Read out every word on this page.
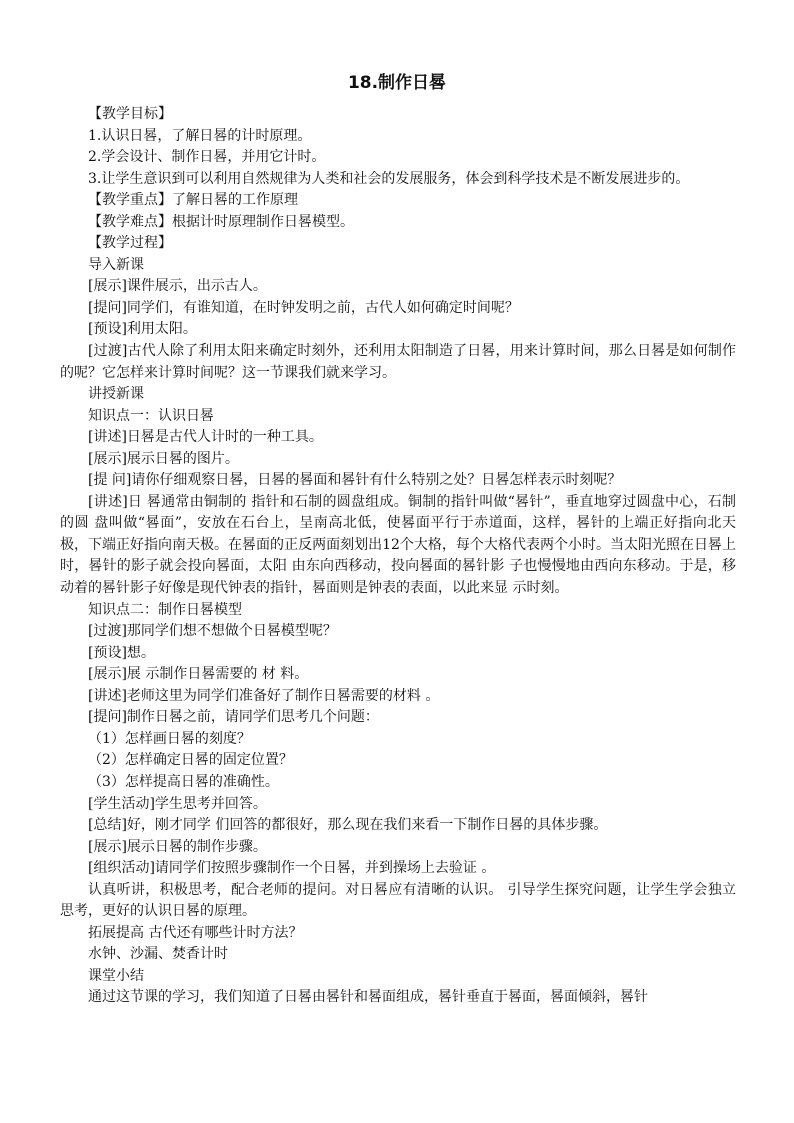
18.制作日晷

【教学目标】

1.认识日晷，了解日晷的计时原理。

2.学会设计、制作日晷，并用它计时。

3.让学生意识到可以利用自然规律为人类和社会的发展服务，体会到科学技术是不断发展进步的。

【教学重点】了解日晷的工作原理

【教学难点】根据计时原理制作日晷模型。

【教学过程】

导入新课

[展示]课件展示，出示古人。

[提问]同学们，有谁知道，在时钟发明之前，古代人如何确定时间呢？

[预设]利用太阳。

[过渡]古代人除了利用太阳来确定时刻外，还利用太阳制造了日晷，用来计算时间，那么日晷是如何制作的呢？它怎样来计算时间呢？这一节课我们就来学习。

讲授新课

知识点一：认识日晷

[讲述]日晷是古代人计时的一种工具。

[展示]展示日晷的图片。

[提 问]请你仔细观察日晷，日晷的晷面和晷针有什么特别之处？日晷怎样表示时刻呢？

[讲述]日 晷通常由铜制的 指针和石制的圆盘组成。铜制的指针叫做“晷针”，垂直地穿过圆盘中心，石制的圆 盘叫做“晷面”，安放在石台上，呈南高北低，使晷面平行于赤道面，这样，晷针的上端正好指向北天极，下端正好指向南天极。在晷面的正反两面刻划出12个大格，每个大格代表两个小时。当太阳光照在日晷上时，晷针的影子就会投向晷面，太阳 由东向西移动，投向晷面的晷针影 子也慢慢地由西向东移动。于是，移动着的晷针影子好像是现代钟表的指针，晷面则是钟表的表面，以此来显 示时刻。

知识点二：制作日晷模型

[过渡]那同学们想不想做个日晷模型呢？

[预设]想。

[展示]展 示制作日晷需要的 材 料。

[讲述]老师这里为同学们准备好了制作日晷需要的材料 。

[提问]制作日晷之前，请同学们思考几个问题：

（1）怎样画日晷的刻度？

（2）怎样确定日晷的固定位置？

（3）怎样提高日晷的准确性。

[学生活动]学生思考并回答。

[总结]好，刚才同学 们回答的都很好，那么现在我们来看一下制作日晷的具体步骤。

[展示]展示日晷的制作步骤。

[组织活动]请同学们按照步骤制作一个日晷，并到操场上去验证 。

认真听讲，积极思考，配合老师的提问。对日晷应有清晰的认识。 引导学生探究问题，让学生学会独立思考，更好的认识日晷的原理。

拓展提高 古代还有哪些计时方法？

水钟、沙漏、焚香计时

课堂小结

通过这节课的学习，我们知道了日晷由晷针和晷面组成，晷针垂直于晷面，晷面倾斜，晷针
